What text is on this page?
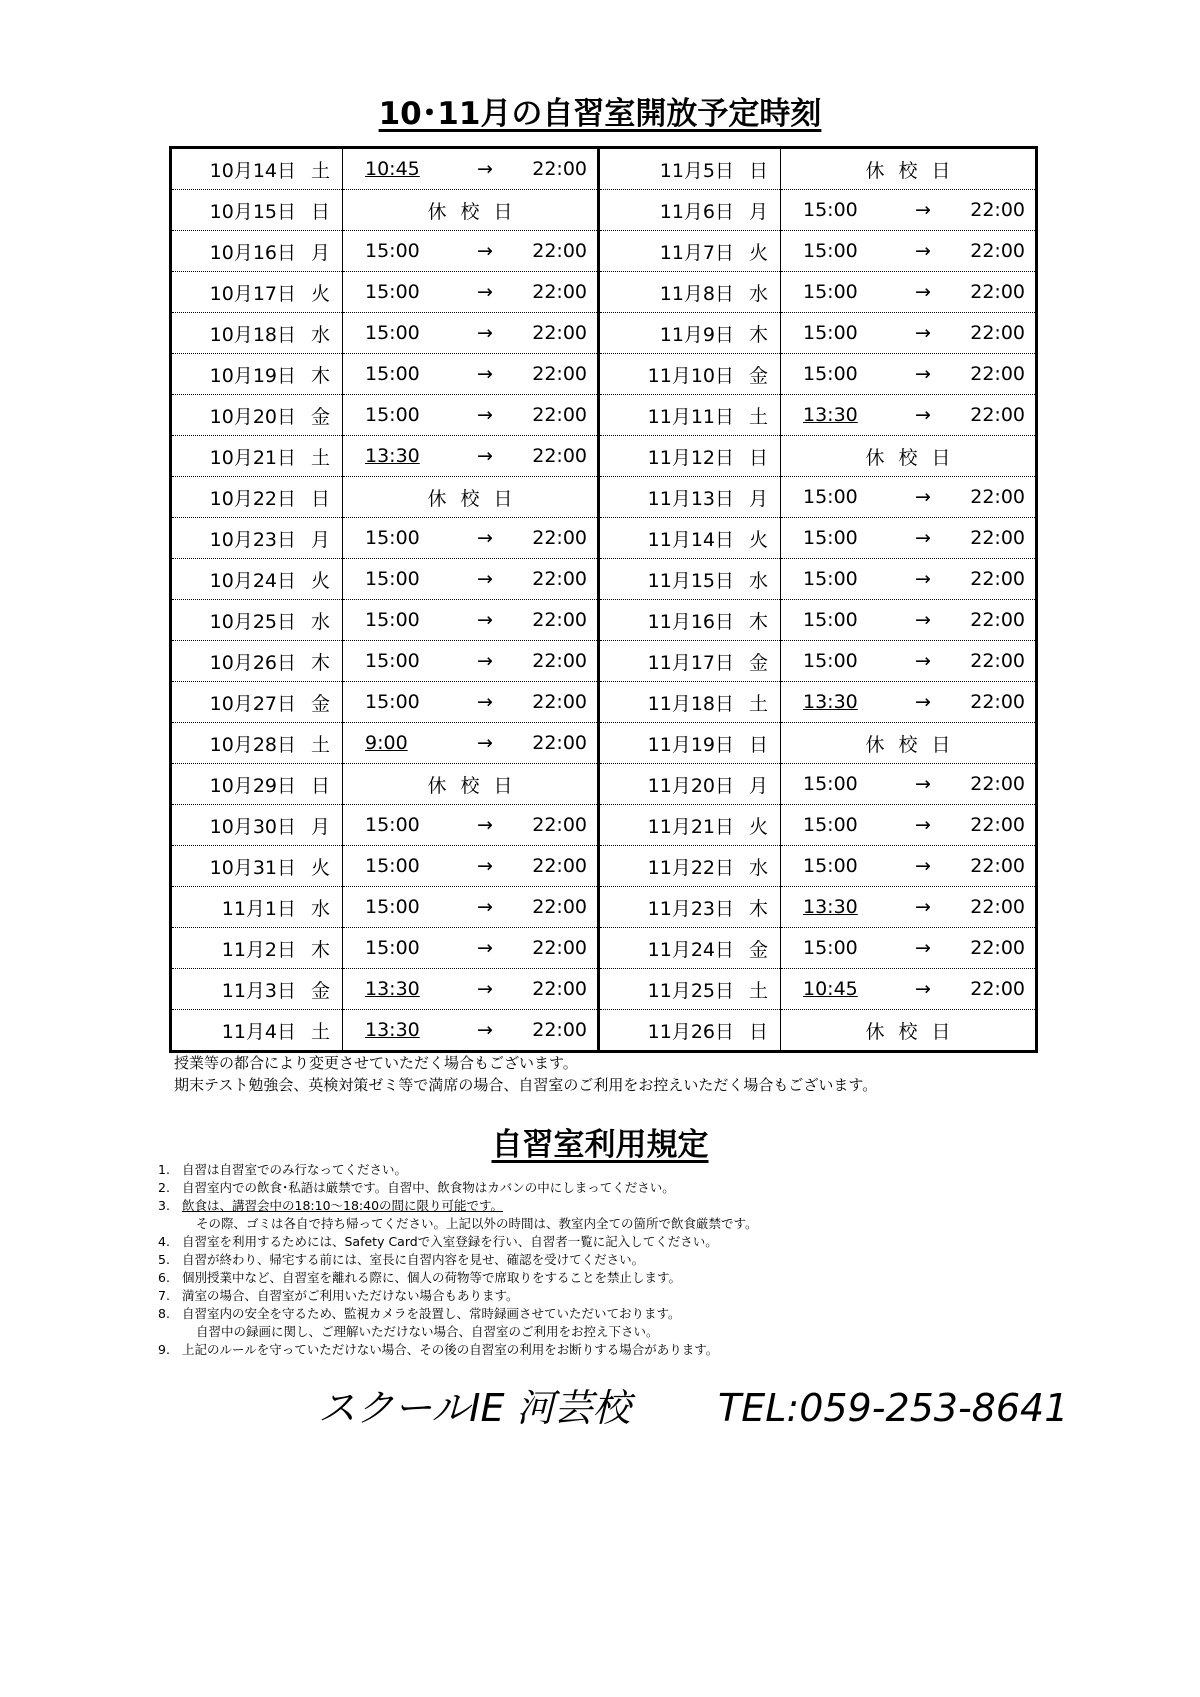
10･11月の自習室開放予定時刻
10月14日 土	10:45 → 22:00	11月5日 日	休校日

10月15日 日	休校日	11月6日 月	15:00 → 22:00

10月16日 月	15:00 → 22:00	11月7日 火	15:00 → 22:00

10月17日 火	15:00 → 22:00	11月8日 水	15:00 → 22:00

10月18日 水	15:00 → 22:00	11月9日 木	15:00 → 22:00

10月19日 木	15:00 → 22:00	11月10日 金	15:00 → 22:00

10月20日 金	15:00 → 22:00	11月11日 土	13:30 → 22:00

10月21日 土	13:30 → 22:00	11月12日 日	休校日

10月22日 日	休校日	11月13日 月	15:00 → 22:00

10月23日 月	15:00 → 22:00	11月14日 火	15:00 → 22:00

10月24日 火	15:00 → 22:00	11月15日 水	15:00 → 22:00

10月25日 水	15:00 → 22:00	11月16日 木	15:00 → 22:00

10月26日 木	15:00 → 22:00	11月17日 金	15:00 → 22:00

10月27日 金	15:00 → 22:00	11月18日 土	13:30 → 22:00

10月28日 土	9:00 → 22:00	11月19日 日	休校日

10月29日 日	休校日	11月20日 月	15:00 → 22:00

10月30日 月	15:00 → 22:00	11月21日 火	15:00 → 22:00

10月31日 火	15:00 → 22:00	11月22日 水	15:00 → 22:00

11月1日 水	15:00 → 22:00	11月23日 木	13:30 → 22:00

11月2日 木	15:00 → 22:00	11月24日 金	15:00 → 22:00

11月3日 金	13:30 → 22:00	11月25日 土	10:45 → 22:00

11月4日 土	13:30 → 22:00	11月26日 日	休校日
授業等の都合により変更させていただく場合もございます。
期末テスト勉強会、英検対策ゼミ等で満席の場合、自習室のご利用をお控えいただく場合もございます。
自習室利用規定
1. 自習は自習室でのみ行なってください。
2. 自習室内での飲食･私語は厳禁です。自習中、飲食物はカバンの中にしまってください。
3. 飲食は、講習会中の18:10～18:40の間に限り可能です。
その際、ゴミは各自で持ち帰ってください。上記以外の時間は、教室内全ての箇所で飲食厳禁です。
4. 自習室を利用するためには、Safety Cardで入室登録を行い、自習者一覧に記入してください。
5. 自習が終わり、帰宅する前には、室長に自習内容を見せ、確認を受けてください。
6. 個別授業中など、自習室を離れる際に、個人の荷物等で席取りをすることを禁止します。
7. 満室の場合、自習室がご利用いただけない場合もあります。
8. 自習室内の安全を守るため、監視カメラを設置し、常時録画させていただいております。
自習中の録画に関し、ご理解いただけない場合、自習室のご利用をお控え下さい。
9. 上記のルールを守っていただけない場合、その後の自習室の利用をお断りする場合があります。
スクールIE 河芸校 TEL:059-253-8641
